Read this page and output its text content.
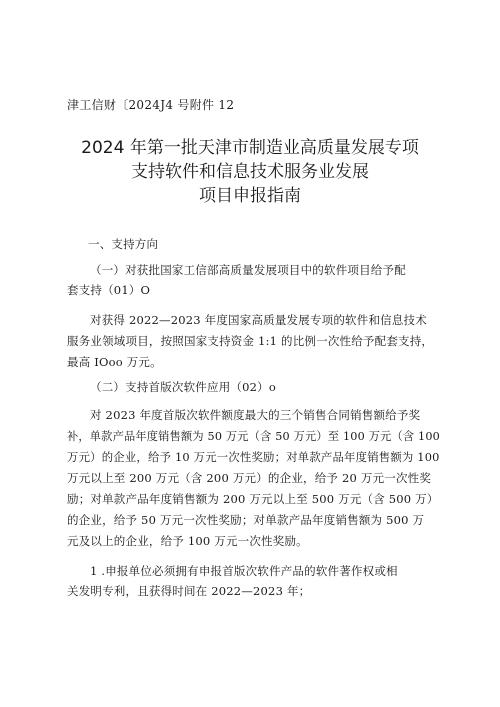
津工信财〔2024J4 号附件 12
2024 年第一批天津市制造业高质量发展专项
支持软件和信息技术服务业发展
项目申报指南
一、支持方向
（一）对获批国家工信部高质量发展项目中的软件项目给予配
套支持（01）O
对获得 2022—2023 年度国家高质量发展专项的软件和信息技术
服务业领域项目，按照国家支持资金 1:1 的比例一次性给予配套支持，
最高 IOoo 万元。
（二）支持首版次软件应用（02）o
对 2023 年度首版次软件额度最大的三个销售合同销售额给予奖
补，单款产品年度销售额为 50 万元（含 50 万元）至 100 万元（含 100
万元）的企业，给予 10 万元一次性奖励；对单款产品年度销售额为 100
万元以上至 200 万元（含 200 万元）的企业，给予 20 万元一次性奖
励；对单款产品年度销售额为 200 万元以上至 500 万元（含 500 万）
的企业，给予 50 万元一次性奖励；对单款产品年度销售额为 500 万
元及以上的企业，给予 100 万元一次性奖励。
1 .申报单位必须拥有申报首版次软件产品的软件著作权或相
关发明专利，且获得时间在 2022—2023 年；
